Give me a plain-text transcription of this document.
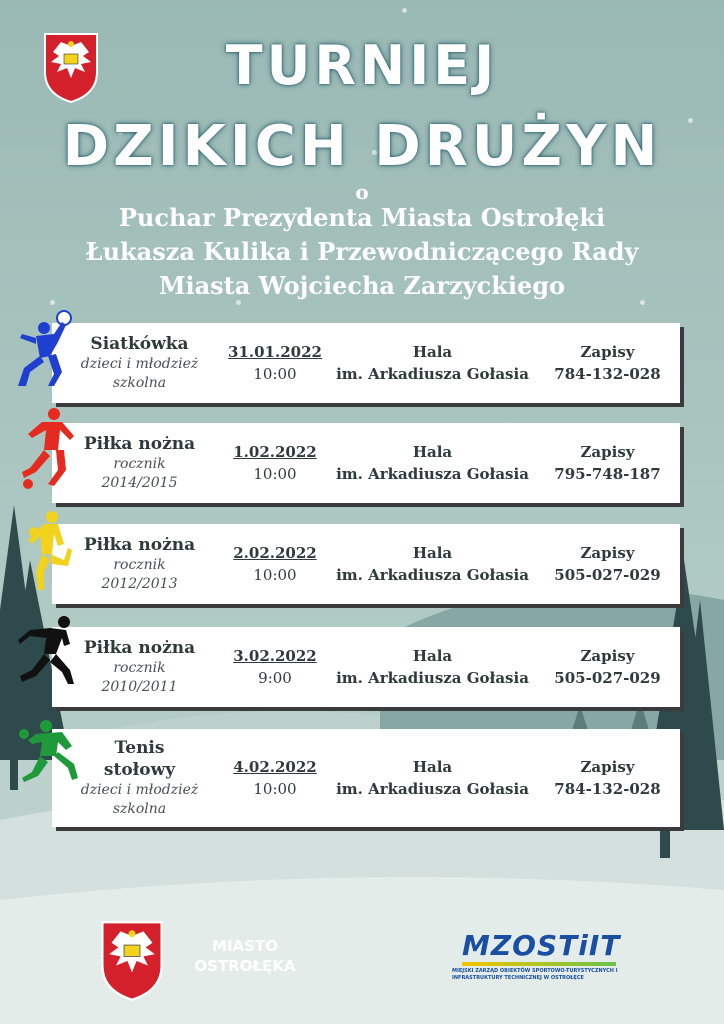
TURNIEJ
DZIKICH DRUŻYN
o
Puchar Prezydenta Miasta Ostrołęki
Łukasza Kulika i Przewodniczącego Rady
Miasta Wojciecha Zarzyckiego
Siatkówka
dzieci i młodzież
szkolna
31.01.2022
10:00
Hala
im. Arkadiusza Gołasia
Zapisy
784-132-028
Piłka nożna
rocznik
2014/2015
1.02.2022
10:00
Hala
im. Arkadiusza Gołasia
Zapisy
795-748-187
Piłka nożna
rocznik
2012/2013
2.02.2022
10:00
Hala
im. Arkadiusza Gołasia
Zapisy
505-027-029
Piłka nożna
rocznik
2010/2011
3.02.2022
9:00
Hala
im. Arkadiusza Gołasia
Zapisy
505-027-029
Tenis
stołowy
dzieci i młodzież
szkolna
4.02.2022
10:00
Hala
im. Arkadiusza Gołasia
Zapisy
784-132-028
MIASTO
OSTROŁĘKA
MZOSTiIT
MIEJSKI ZARZĄD OBIEKTÓW SPORTOWO-TURYSTYCZNYCH I INFRASTRUKTURY TECHNICZNEJ W OSTROŁĘCE
